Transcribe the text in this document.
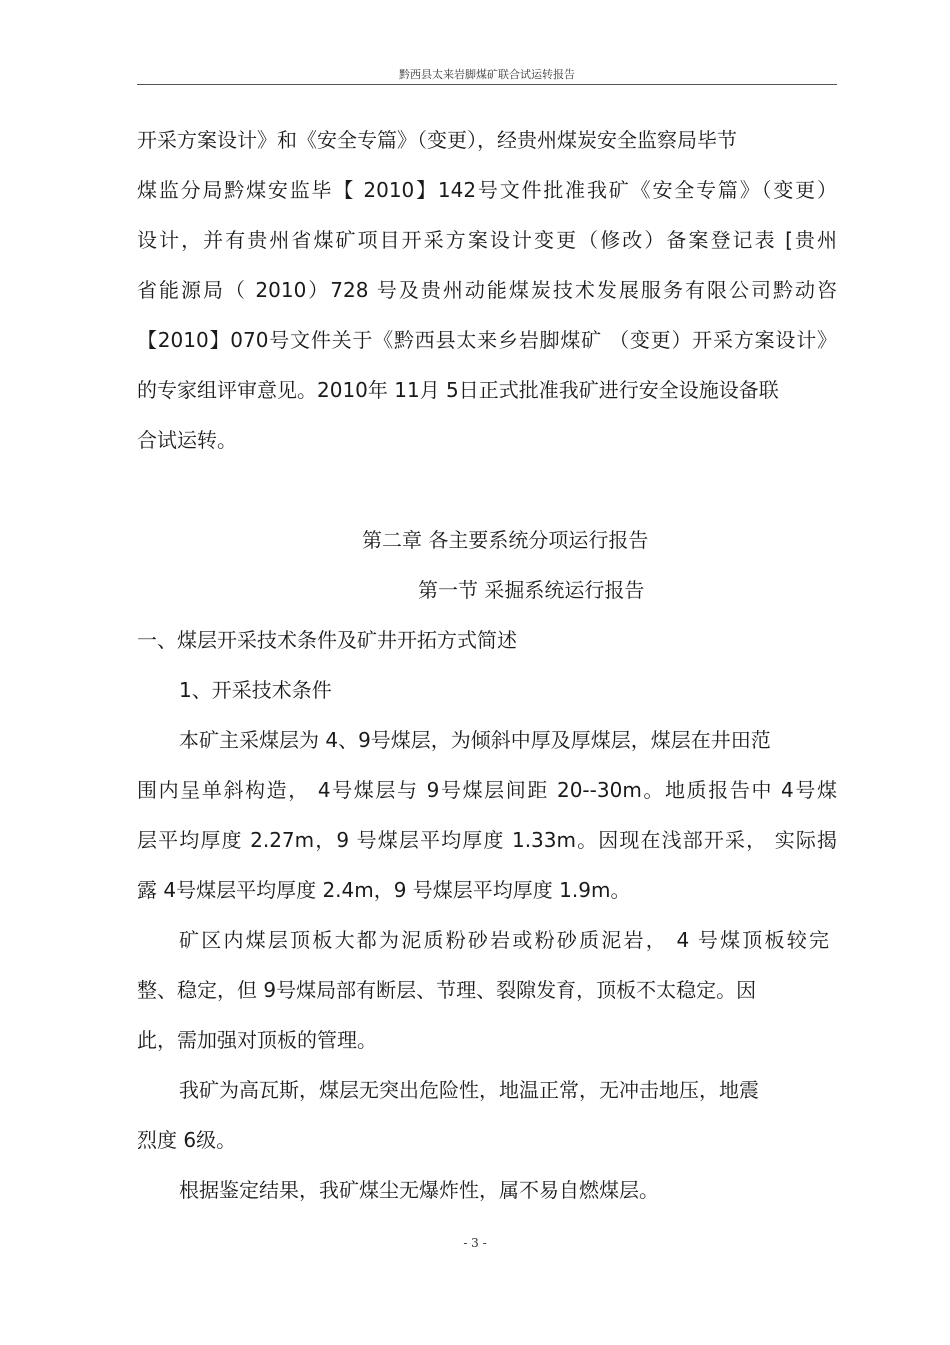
黔西县太来岩脚煤矿联合试运转报告
开采方案设计》和《安全专篇》（变更），经贵州煤炭安全监察局毕节
煤监分局黔煤安监毕【 2010】142号文件批准我矿《安全专篇》（变更）
设计，并有贵州省煤矿项目开采方案设计变更（修改）备案登记表 [贵州
省能源局（ 2010）728 号及贵州动能煤炭技术发展服务有限公司黔动咨
【2010】070号文件关于《黔西县太来乡岩脚煤矿 （变更）开采方案设计》
的专家组评审意见。2010年 11月 5日正式批准我矿进行安全设施设备联
合试运转。
第二章 各主要系统分项运行报告
第一节 采掘系统运行报告
一、煤层开采技术条件及矿井开拓方式简述
1、开采技术条件
本矿主采煤层为 4、9号煤层，为倾斜中厚及厚煤层，煤层在井田范
围内呈单斜构造， 4号煤层与 9号煤层间距 20--30m。地质报告中 4号煤
层平均厚度 2.27m，9 号煤层平均厚度 1.33m。因现在浅部开采， 实际揭
露 4号煤层平均厚度 2.4m，9 号煤层平均厚度 1.9m。
矿区内煤层顶板大都为泥质粉砂岩或粉砂质泥岩， 4 号煤顶板较完
整、稳定，但 9号煤局部有断层、节理、裂隙发育，顶板不太稳定。因
此，需加强对顶板的管理。
我矿为高瓦斯，煤层无突出危险性，地温正常，无冲击地压，地震
烈度 6级。
根据鉴定结果，我矿煤尘无爆炸性，属不易自燃煤层。
- 3 -
